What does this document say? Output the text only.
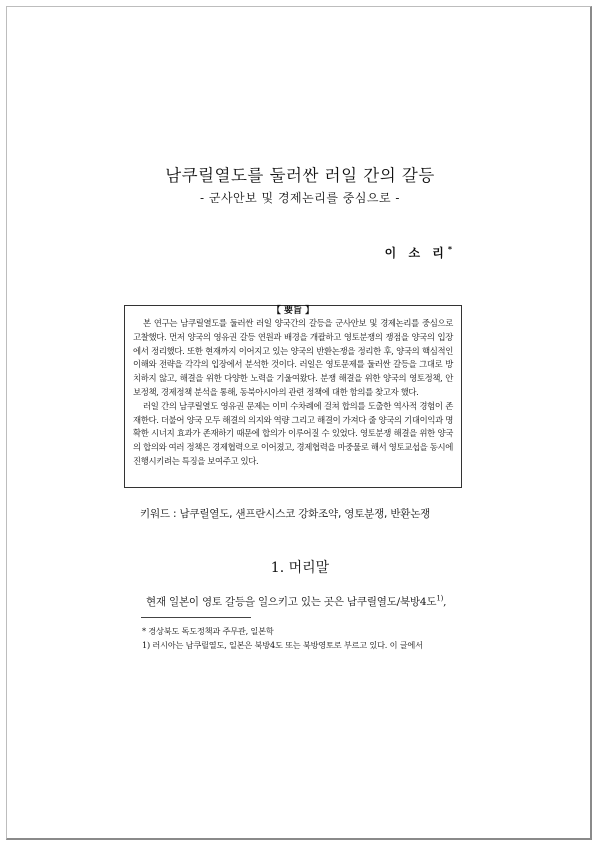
남쿠릴열도를 둘러싼 러일 간의 갈등
- 군사안보 및 경제논리를 중심으로 -
이 소 리*
【 要旨 】

본 연구는 남쿠릴열도를 둘러싼 러일 양국간의 갈등을 군사안보 및 경제논리를 중심으로 고찰했다. 먼저 양국의 영유권 갈등 연원과 배경을 개괄하고 영토분쟁의 쟁점을 양국의 입장에서 정리했다. 또한 현재까지 이어지고 있는 양국의 반환논쟁을 정리한 후, 양국의 핵심적인 이해와 전략을 각각의 입장에서 분석한 것이다. 러일은 영토문제를 둘러싼 갈등을 그대로 방치하지 않고, 해결을 위한 다양한 노력을 기울여왔다. 분쟁 해결을 위한 양국의 영토정책, 안보정책, 경제정책 분석을 통해, 동북아시아의 관련 정책에 대한 함의를 찾고자 했다.

러일 간의 남쿠릴열도 영유권 문제는 이미 수차례에 걸쳐 합의를 도출한 역사적 경험이 존재한다. 더불어 양국 모두 해결의 의지와 역량 그리고 해결이 가져다 줄 양국의 기대이익과 명확한 시너지 효과가 존재하기 때문에 합의가 이루어질 수 있었다. 영토분쟁 해결을 위한 양국의 합의와 여러 정책은 경제협력으로 이어졌고, 경제협력을 마중물로 해서 영토교섭을 동시에 진행시키려는 특징을 보여주고 있다.

키워드 : 남쿠릴열도, 샌프란시스코 강화조약, 영토분쟁, 반환논쟁
1. 머리말
현재 일본이 영토 갈등을 일으키고 있는 곳은 남쿠릴열도/북방4도$^{1)}$,
* 경상북도 독도정책과 주무관, 일본학
1) 러시아는 남쿠릴열도, 일본은 북방4도 또는 북방영토로 부르고 있다. 이 글에서
